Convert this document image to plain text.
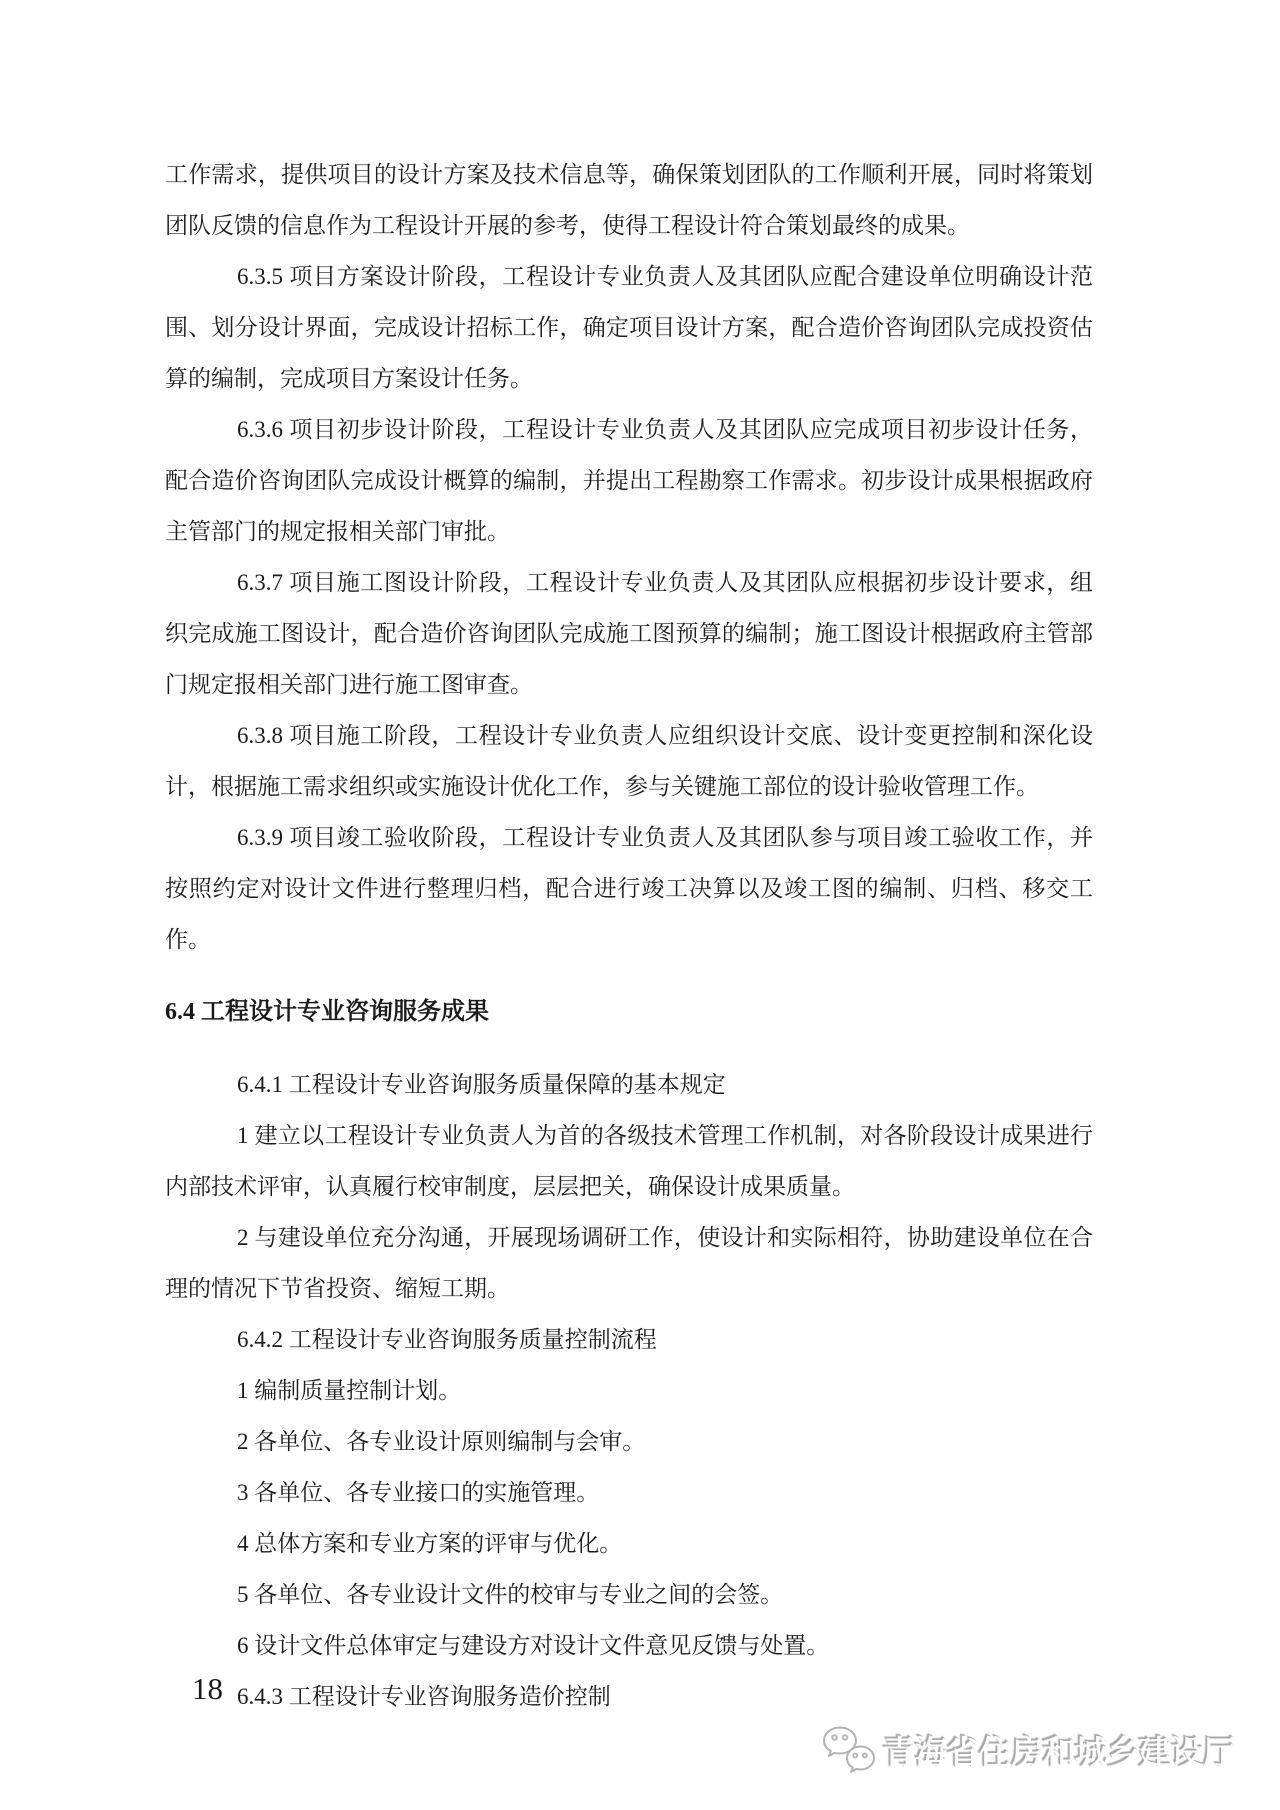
工作需求，提供项目的设计方案及技术信息等，确保策划团队的工作顺利开展，同时将策划团队反馈的信息作为工程设计开展的参考，使得工程设计符合策划最终的成果。

6.3.5 项目方案设计阶段，工程设计专业负责人及其团队应配合建设单位明确设计范围、划分设计界面，完成设计招标工作，确定项目设计方案，配合造价咨询团队完成投资估算的编制，完成项目方案设计任务。

6.3.6 项目初步设计阶段，工程设计专业负责人及其团队应完成项目初步设计任务，配合造价咨询团队完成设计概算的编制，并提出工程勘察工作需求。初步设计成果根据政府主管部门的规定报相关部门审批。

6.3.7 项目施工图设计阶段，工程设计专业负责人及其团队应根据初步设计要求，组织完成施工图设计，配合造价咨询团队完成施工图预算的编制；施工图设计根据政府主管部门规定报相关部门进行施工图审查。

6.3.8 项目施工阶段，工程设计专业负责人应组织设计交底、设计变更控制和深化设计，根据施工需求组织或实施设计优化工作，参与关键施工部位的设计验收管理工作。

6.3.9 项目竣工验收阶段，工程设计专业负责人及其团队参与项目竣工验收工作，并按照约定对设计文件进行整理归档，配合进行竣工决算以及竣工图的编制、归档、移交工作。

6.4 工程设计专业咨询服务成果

6.4.1 工程设计专业咨询服务质量保障的基本规定

1 建立以工程设计专业负责人为首的各级技术管理工作机制，对各阶段设计成果进行内部技术评审，认真履行校审制度，层层把关，确保设计成果质量。

2 与建设单位充分沟通，开展现场调研工作，使设计和实际相符，协助建设单位在合理的情况下节省投资、缩短工期。

6.4.2 工程设计专业咨询服务质量控制流程

1 编制质量控制计划。

2 各单位、各专业设计原则编制与会审。

3 各单位、各专业接口的实施管理。

4 总体方案和专业方案的评审与优化。

5 各单位、各专业设计文件的校审与专业之间的会签。

6 设计文件总体审定与建设方对设计文件意见反馈与处置。

6.4.3 工程设计专业咨询服务造价控制

18
青海省住房和城乡建设厅
